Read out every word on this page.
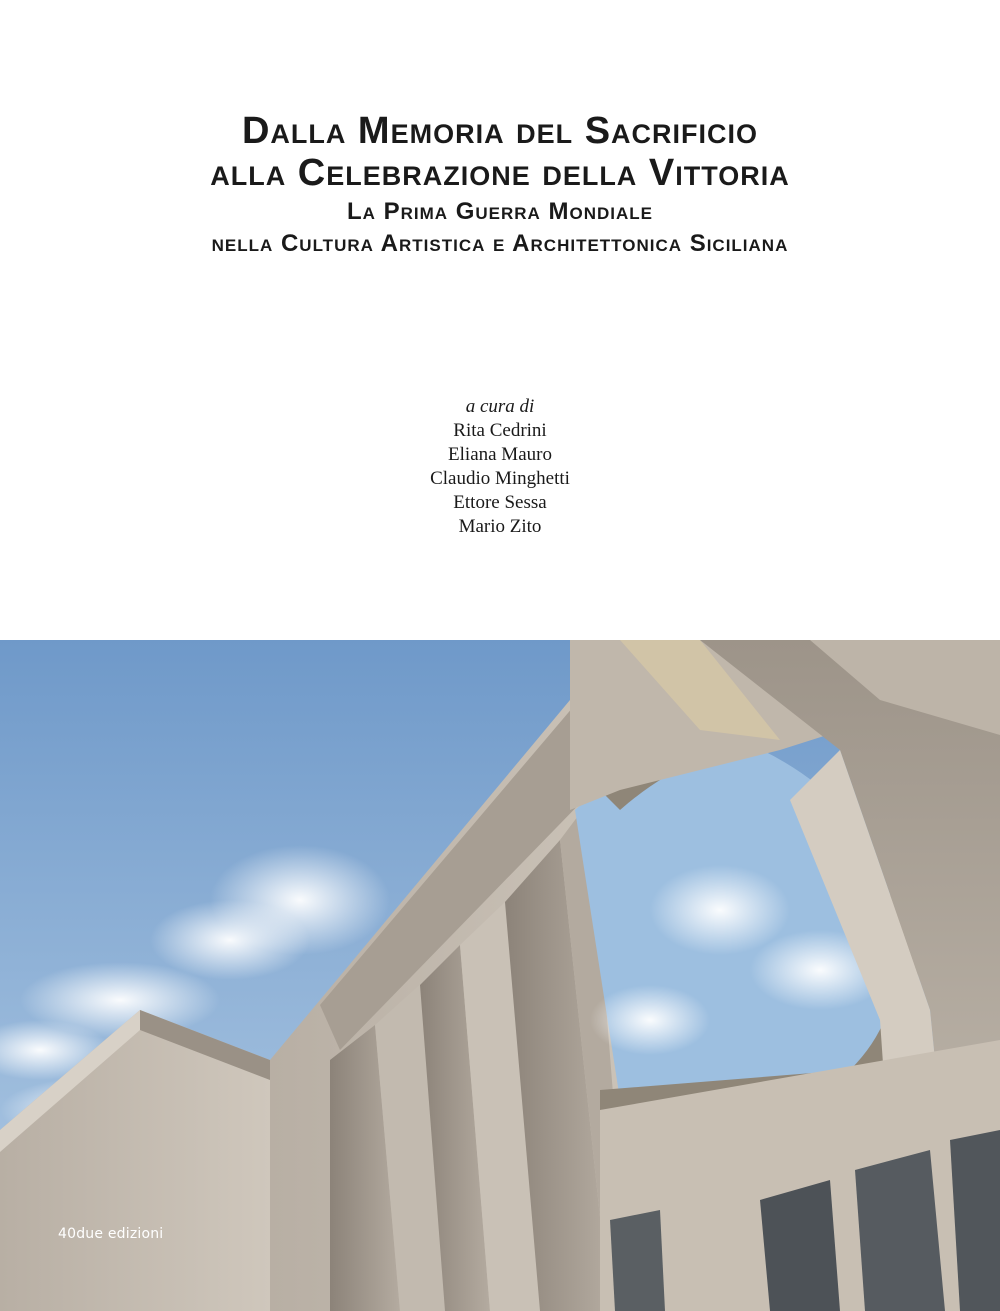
Dalla Memoria del Sacrificio

alla Celebrazione della Vittoria

La Prima Guerra Mondiale

nella Cultura Artistica e Architettonica Siciliana

a cura di
Rita Cedrini
Eliana Mauro
Claudio Minghetti
Ettore Sessa
Mario Zito
40due edizioni
